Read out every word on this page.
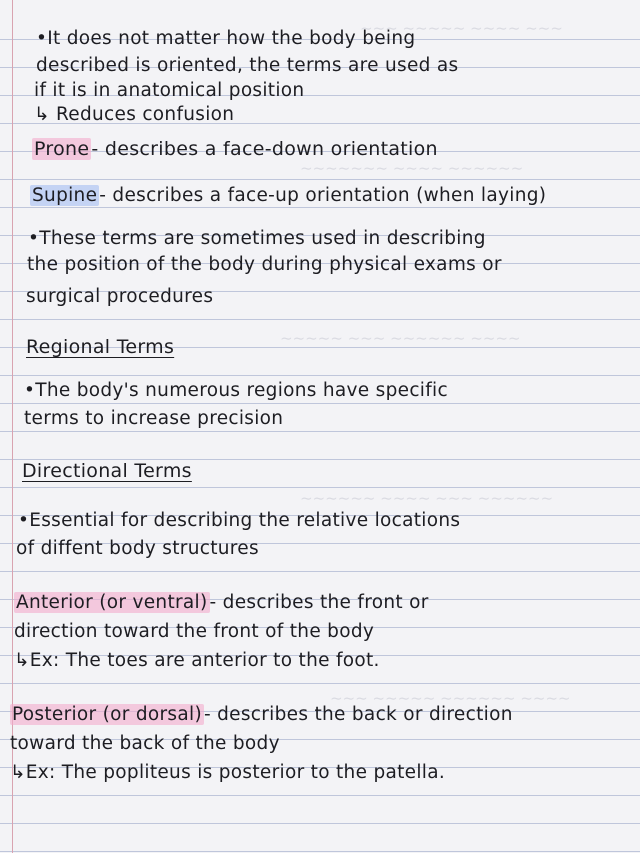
~~~ ~~~~ ~~~~~ ~~~
~~~~~~ ~~~~ ~~~~~~~
~~~~ ~~~~~~ ~~~ ~~~~~
~~~~~~ ~~~ ~~~~ ~~~~~~
~~~~ ~~~~~~ ~~~~~ ~~~
•It does not matter how the body being
described is oriented, the terms are used as
if it is in anatomical position
↳ Reduces confusion
Prone - describes a face-down orientation
Supine - describes a face-up orientation (when laying)
•These terms are sometimes used in describing
the position of the body during physical exams or
surgical procedures
Regional Terms
•The body's numerous regions have specific
terms to increase precision
Directional Terms
•Essential for describing the relative locations
of diffent body structures
Anterior (or ventral) - describes the front or
direction toward the front of the body
↳Ex: The toes are anterior to the foot.
Posterior (or dorsal) - describes the back or direction
toward the back of the body
↳Ex: The popliteus is posterior to the patella.
